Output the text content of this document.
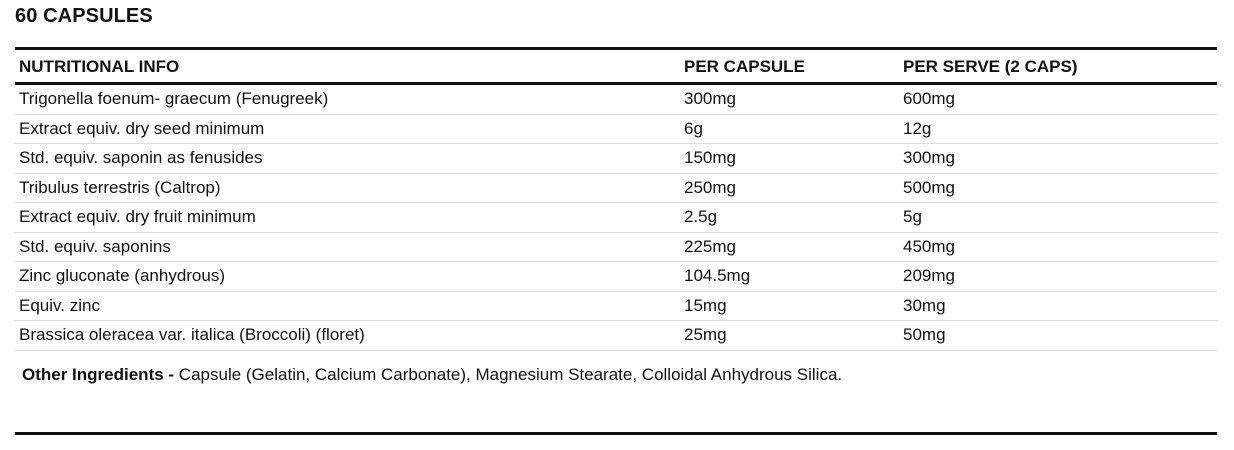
60 CAPSULES
NUTRITIONAL INFO	PER CAPSULE	PER SERVE (2 CAPS)
Trigonella foenum- graecum (Fenugreek)	300mg	600mg
Extract equiv. dry seed minimum	6g	12g
Std. equiv. saponin as fenusides	150mg	300mg
Tribulus terrestris (Caltrop)	250mg	500mg
Extract equiv. dry fruit minimum	2.5g	5g
Std. equiv. saponins	225mg	450mg
Zinc gluconate (anhydrous)	104.5mg	209mg
Equiv. zinc	15mg	30mg
Brassica oleracea var. italica (Broccoli) (floret)	25mg	50mg
Other Ingredients - Capsule (Gelatin, Calcium Carbonate), Magnesium Stearate, Colloidal Anhydrous Silica.
